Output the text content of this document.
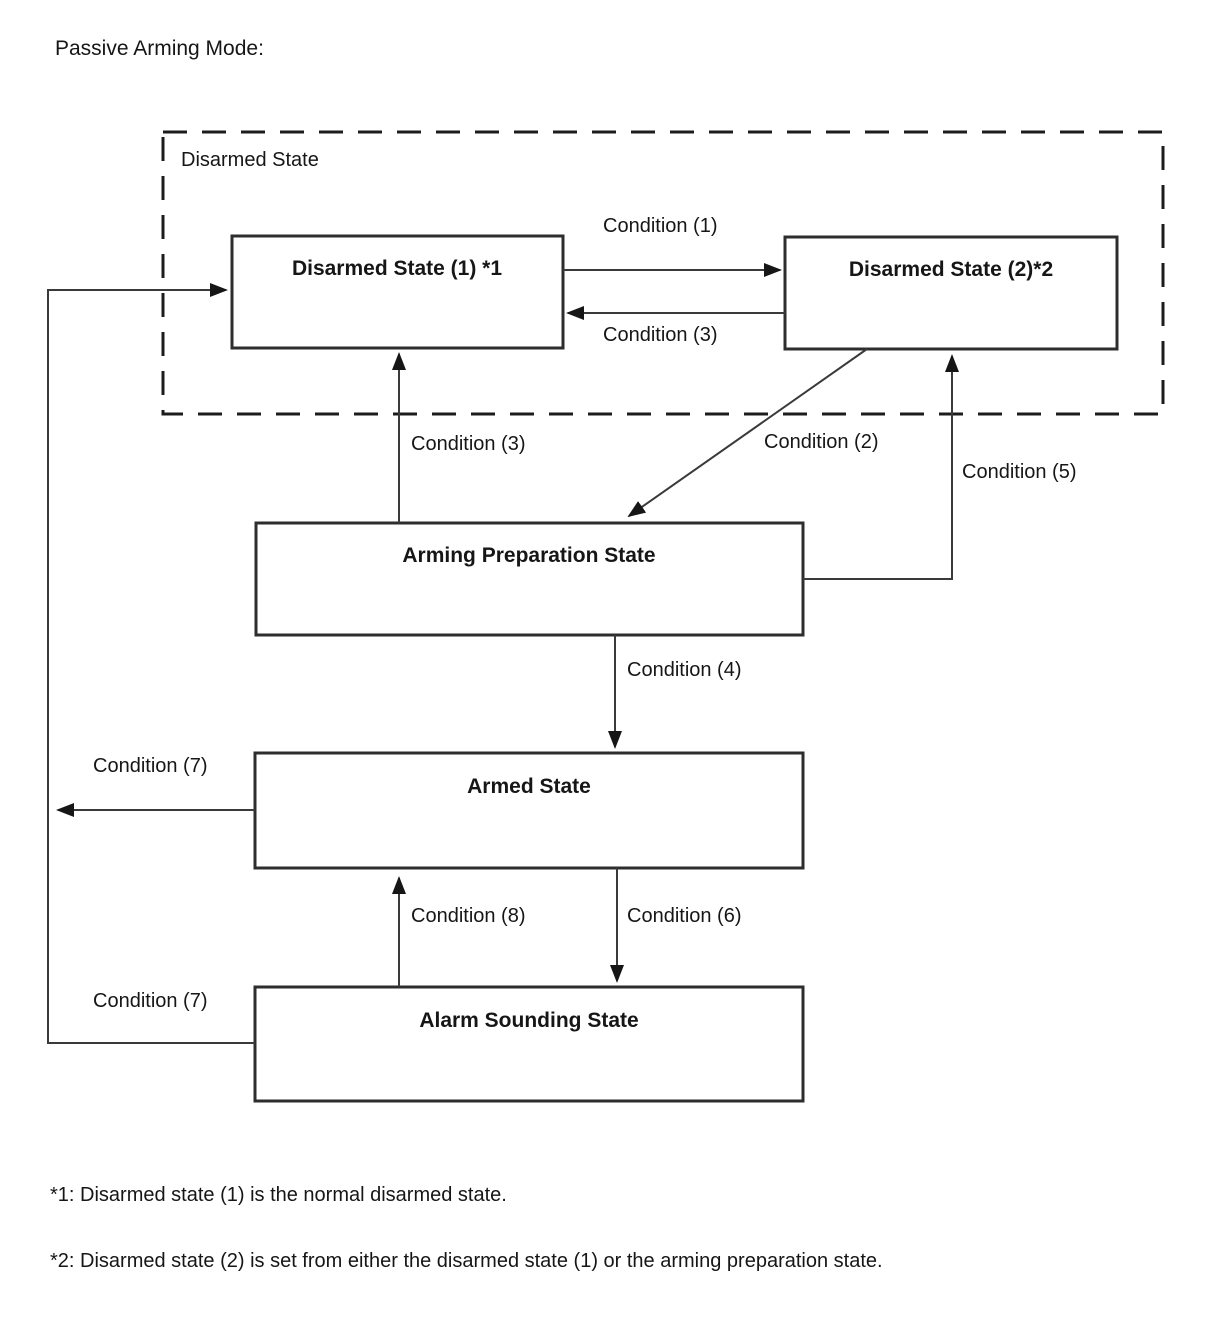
Passive Arming Mode:
Disarmed State
Disarmed State (1) *1	Disarmed State (2)*2
Arming Preparation State
Armed State
Alarm Sounding State
Condition (1)
Condition (3)
Condition (3)	Condition (2)
Condition (5)
Condition (4)
Condition (7)
Condition (8)	Condition (6)
Condition (7)
*1: Disarmed state (1) is the normal disarmed state.
*2: Disarmed state (2) is set from either the disarmed state (1) or the arming preparation state.
